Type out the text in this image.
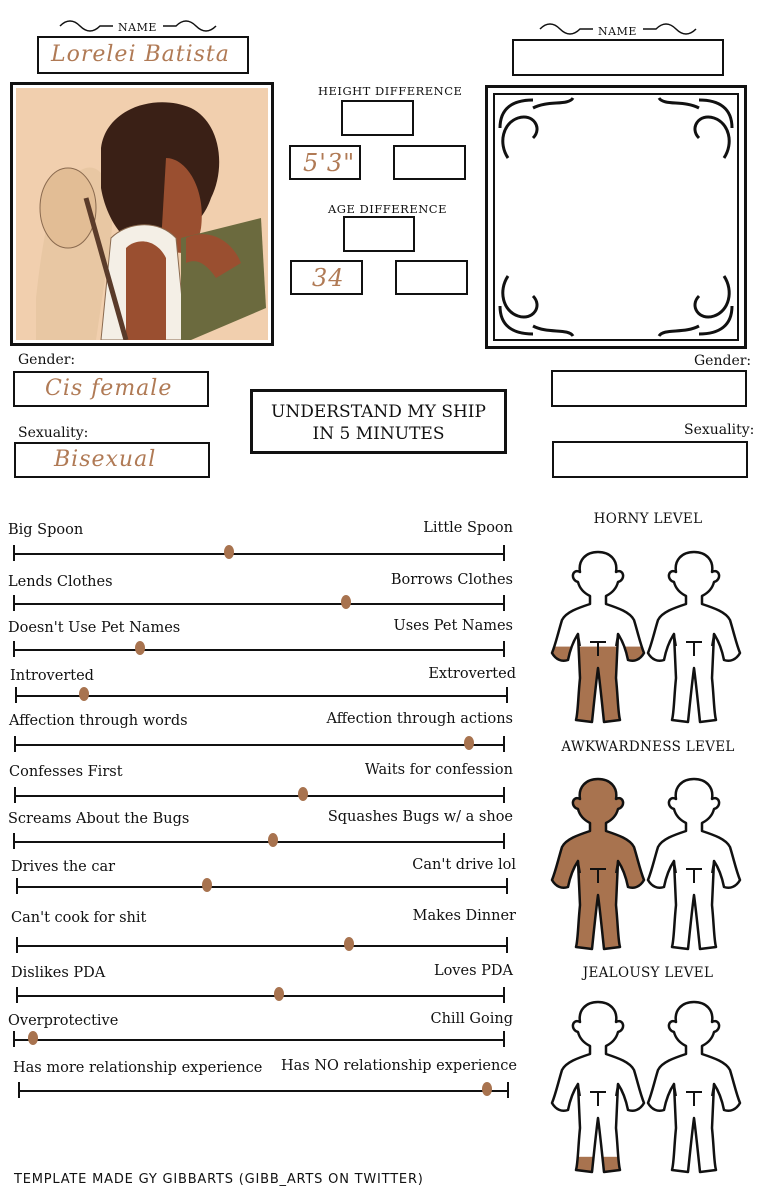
NAME
Lorelei Batista
NAME
HEIGHT DIFFERENCE
5'3"
AGE DIFFERENCE
34
Gender:
Cis female
Sexuality:
Bisexual
Gender:
Sexuality:
UNDERSTAND MY SHIP
IN 5 MINUTES
Big Spoon	Little Spoon
Lends Clothes	Borrows Clothes
Doesn't Use Pet Names	Uses Pet Names
Introverted	Extroverted
Affection through words	Affection through actions
Confesses First	Waits for confession
Screams About the Bugs	Squashes Bugs w/ a shoe
Drives the car	Can't drive lol
Can't cook for shit	Makes Dinner
Dislikes PDA	Loves PDA
Overprotective	Chill Going
Has more relationship experience	Has NO relationship experience
HORNY LEVEL
AWKWARDNESS LEVEL
JEALOUSY LEVEL
TEMPLATE MADE GY GIBBARTS (GIBB_ARTS ON TWITTER)
